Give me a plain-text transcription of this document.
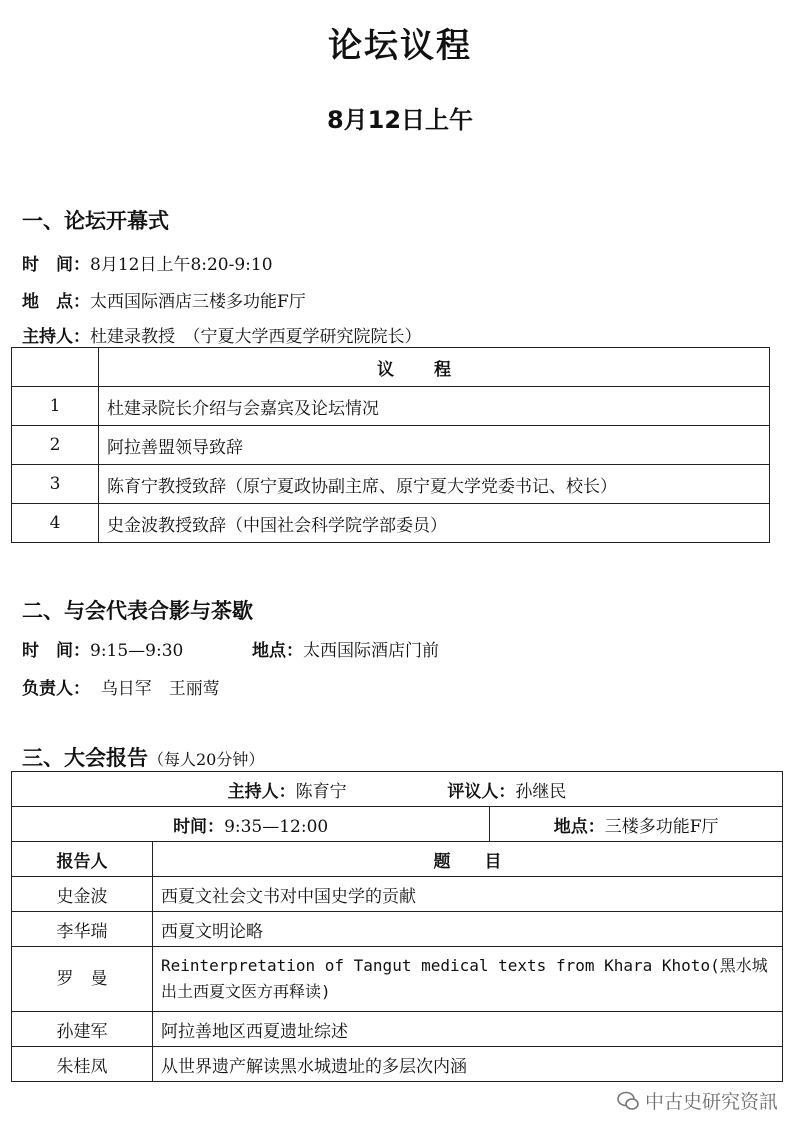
论坛议程
8月12日上午
一、论坛开幕式
时　间：8月12日上午8:20-9:10
地　点：太西国际酒店三楼多功能F厅
主持人：杜建录教授　（宁夏大学西夏学研究院院长）
	议程
1	杜建录院长介绍与会嘉宾及论坛情况
2	阿拉善盟领导致辞
3	陈育宁教授致辞（原宁夏政协副主席、原宁夏大学党委书记、校长）
4	史金波教授致辞（中国社会科学院学部委员）
二、与会代表合影与茶歇
时　间：9:15—9:30	地点：太西国际酒店门前
负责人： 乌日罕　王丽莺
三、大会报告（每人20分钟）
主持人：陈育宁 评议人：孙继民		
时间：9:35—12:00		地点：三楼多功能F厅
报告人	题　　目	
史金波	西夏文社会文书对中国史学的贡献	
李华瑞	西夏文明论略	
罗　曼	Reinterpretation of Tangut medical texts from Khara Khoto(黑水城出土西夏文医方再释读)	
孙建军	阿拉善地区西夏遗址综述	
朱桂凤	从世界遗产解读黑水城遗址的多层次内涵	
中古史研究资訊
